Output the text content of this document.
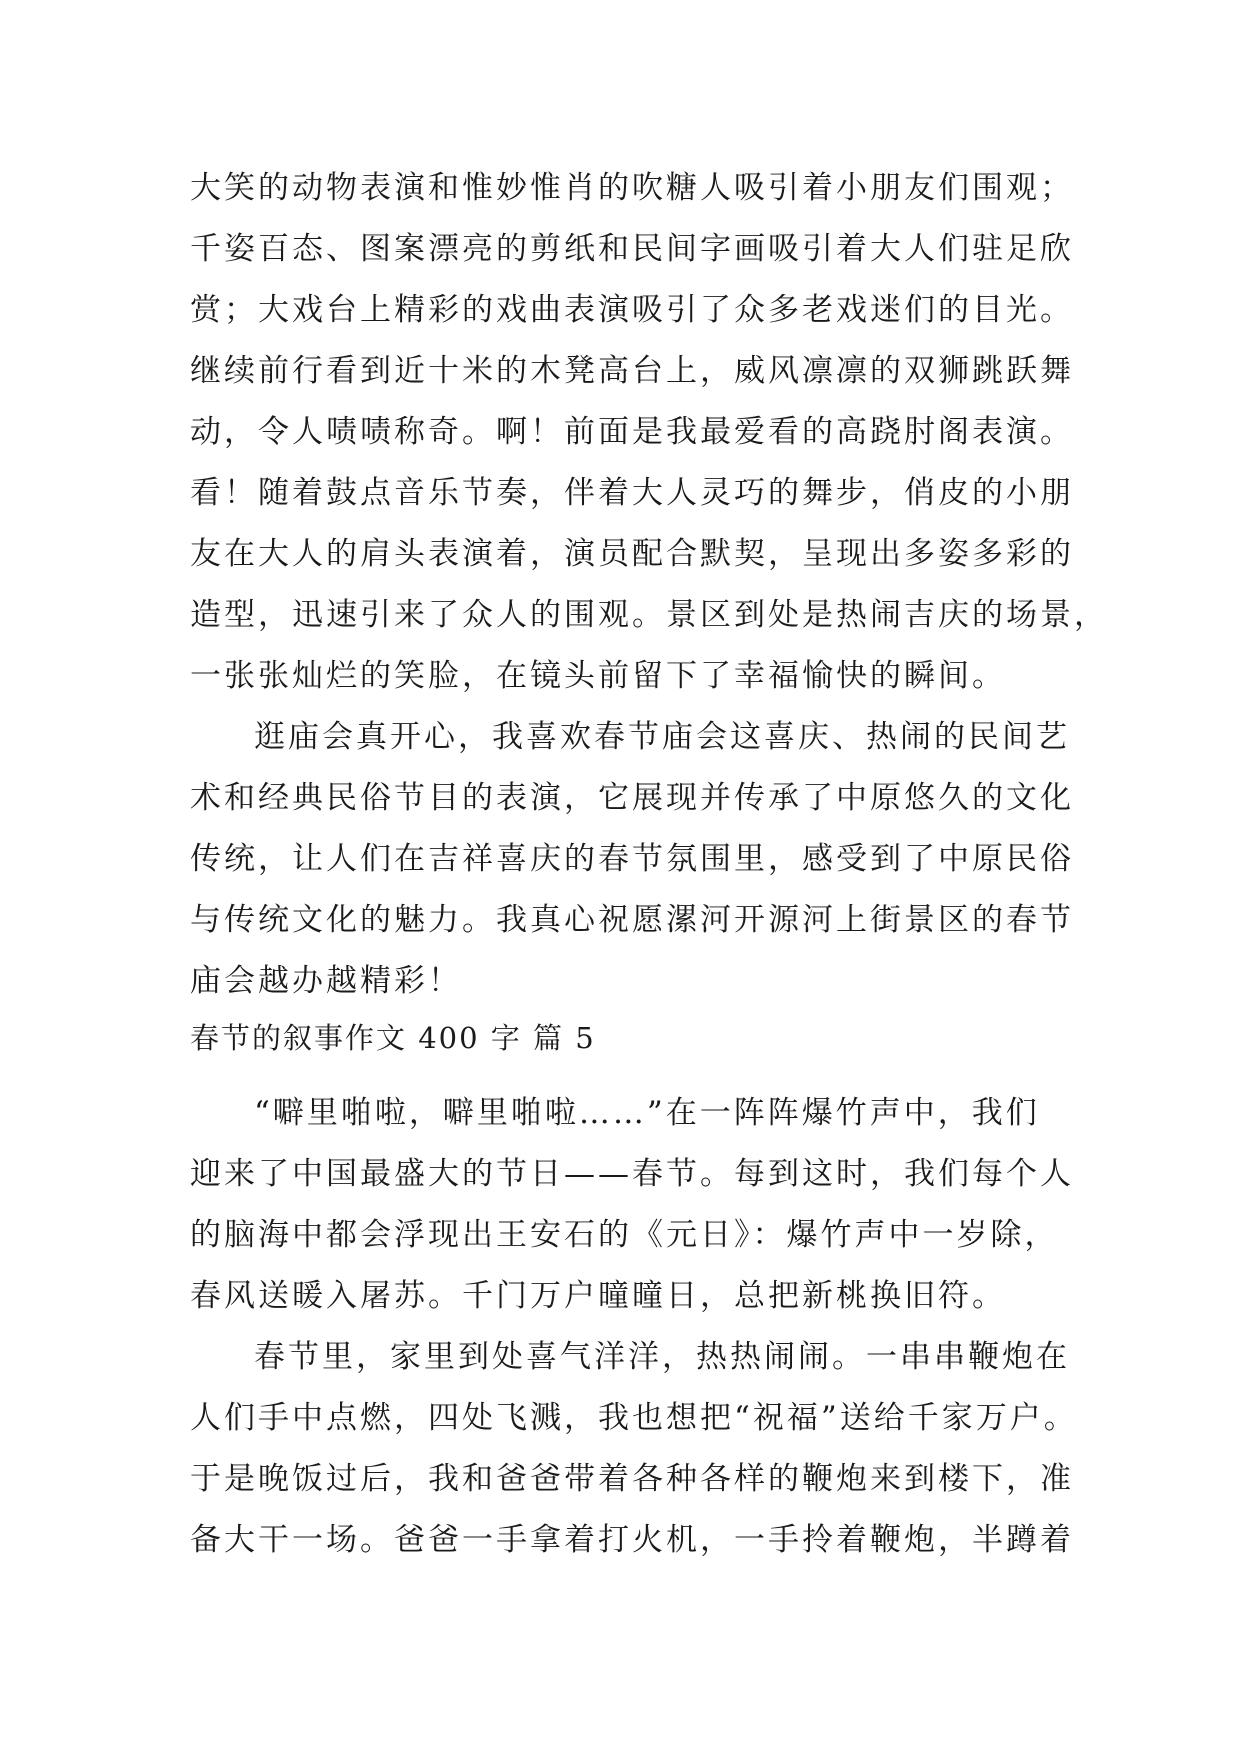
大笑的动物表演和惟妙惟肖的吹糖人吸引着小朋友们围观；
千姿百态、图案漂亮的剪纸和民间字画吸引着大人们驻足欣
赏；大戏台上精彩的戏曲表演吸引了众多老戏迷们的目光。
继续前行看到近十米的木凳高台上，威风凛凛的双狮跳跃舞
动，令人啧啧称奇。啊！前面是我最爱看的高跷肘阁表演。
看！随着鼓点音乐节奏，伴着大人灵巧的舞步，俏皮的小朋
友在大人的肩头表演着，演员配合默契，呈现出多姿多彩的
造型，迅速引来了众人的围观。景区到处是热闹吉庆的场景，
一张张灿烂的笑脸，在镜头前留下了幸福愉快的瞬间。
逛庙会真开心，我喜欢春节庙会这喜庆、热闹的民间艺
术和经典民俗节目的表演，它展现并传承了中原悠久的文化
传统，让人们在吉祥喜庆的春节氛围里，感受到了中原民俗
与传统文化的魅力。我真心祝愿漯河开源河上街景区的春节
庙会越办越精彩！
春节的叙事作文 400 字 篇 5
“噼里啪啦，噼里啪啦……”在一阵阵爆竹声中，我们
迎来了中国最盛大的节日——春节。每到这时，我们每个人
的脑海中都会浮现出王安石的《元日》：爆竹声中一岁除，
春风送暖入屠苏。千门万户曈曈日，总把新桃换旧符。
春节里，家里到处喜气洋洋，热热闹闹。一串串鞭炮在
人们手中点燃，四处飞溅，我也想把“祝福”送给千家万户。
于是晚饭过后，我和爸爸带着各种各样的鞭炮来到楼下，准
备大干一场。爸爸一手拿着打火机，一手拎着鞭炮，半蹲着
